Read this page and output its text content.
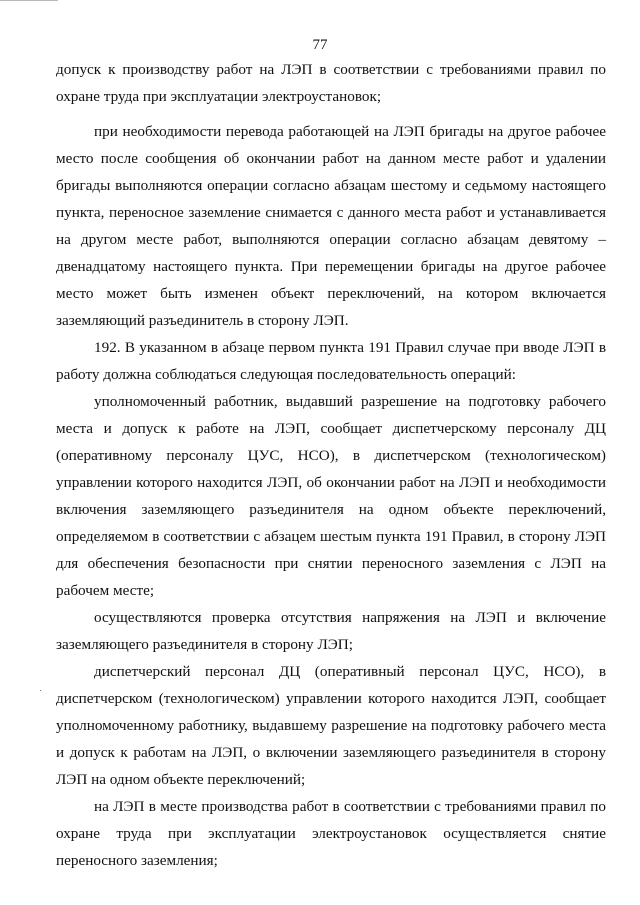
77

допуск к производству работ на ЛЭП в соответствии с требованиями правил по охране труда при эксплуатации электроустановок;

при необходимости перевода работающей на ЛЭП бригады на другое рабочее место после сообщения об окончании работ на данном месте работ и удалении бригады выполняются операции согласно абзацам шестому и седьмому настоящего пункта, переносное заземление снимается с данного места работ и устанавливается на другом месте работ, выполняются операции согласно абзацам девятому – двенадцатому настоящего пункта. При перемещении бригады на другое рабочее место может быть изменен объект переключений, на котором включается заземляющий разъединитель в сторону ЛЭП.

192. В указанном в абзаце первом пункта 191 Правил случае при вводе ЛЭП в работу должна соблюдаться следующая последовательность операций:

уполномоченный работник, выдавший разрешение на подготовку рабочего места и допуск к работе на ЛЭП, сообщает диспетчерскому персоналу ДЦ (оперативному персоналу ЦУС, НСО), в диспетчерском (технологическом) управлении которого находится ЛЭП, об окончании работ на ЛЭП и необходимости включения заземляющего разъединителя на одном объекте переключений, определяемом в соответствии с абзацем шестым пункта 191 Правил, в сторону ЛЭП для обеспечения безопасности при снятии переносного заземления с ЛЭП на рабочем месте;

осуществляются проверка отсутствия напряжения на ЛЭП и включение заземляющего разъединителя в сторону ЛЭП;

диспетчерский персонал ДЦ (оперативный персонал ЦУС, НСО), в диспетчерском (технологическом) управлении которого находится ЛЭП, сообщает уполномоченному работнику, выдавшему разрешение на подготовку рабочего места и допуск к работам на ЛЭП, о включении заземляющего разъединителя в сторону ЛЭП на одном объекте переключений;

на ЛЭП в месте производства работ в соответствии с требованиями правил по охране труда при эксплуатации электроустановок осуществляется снятие переносного заземления;
